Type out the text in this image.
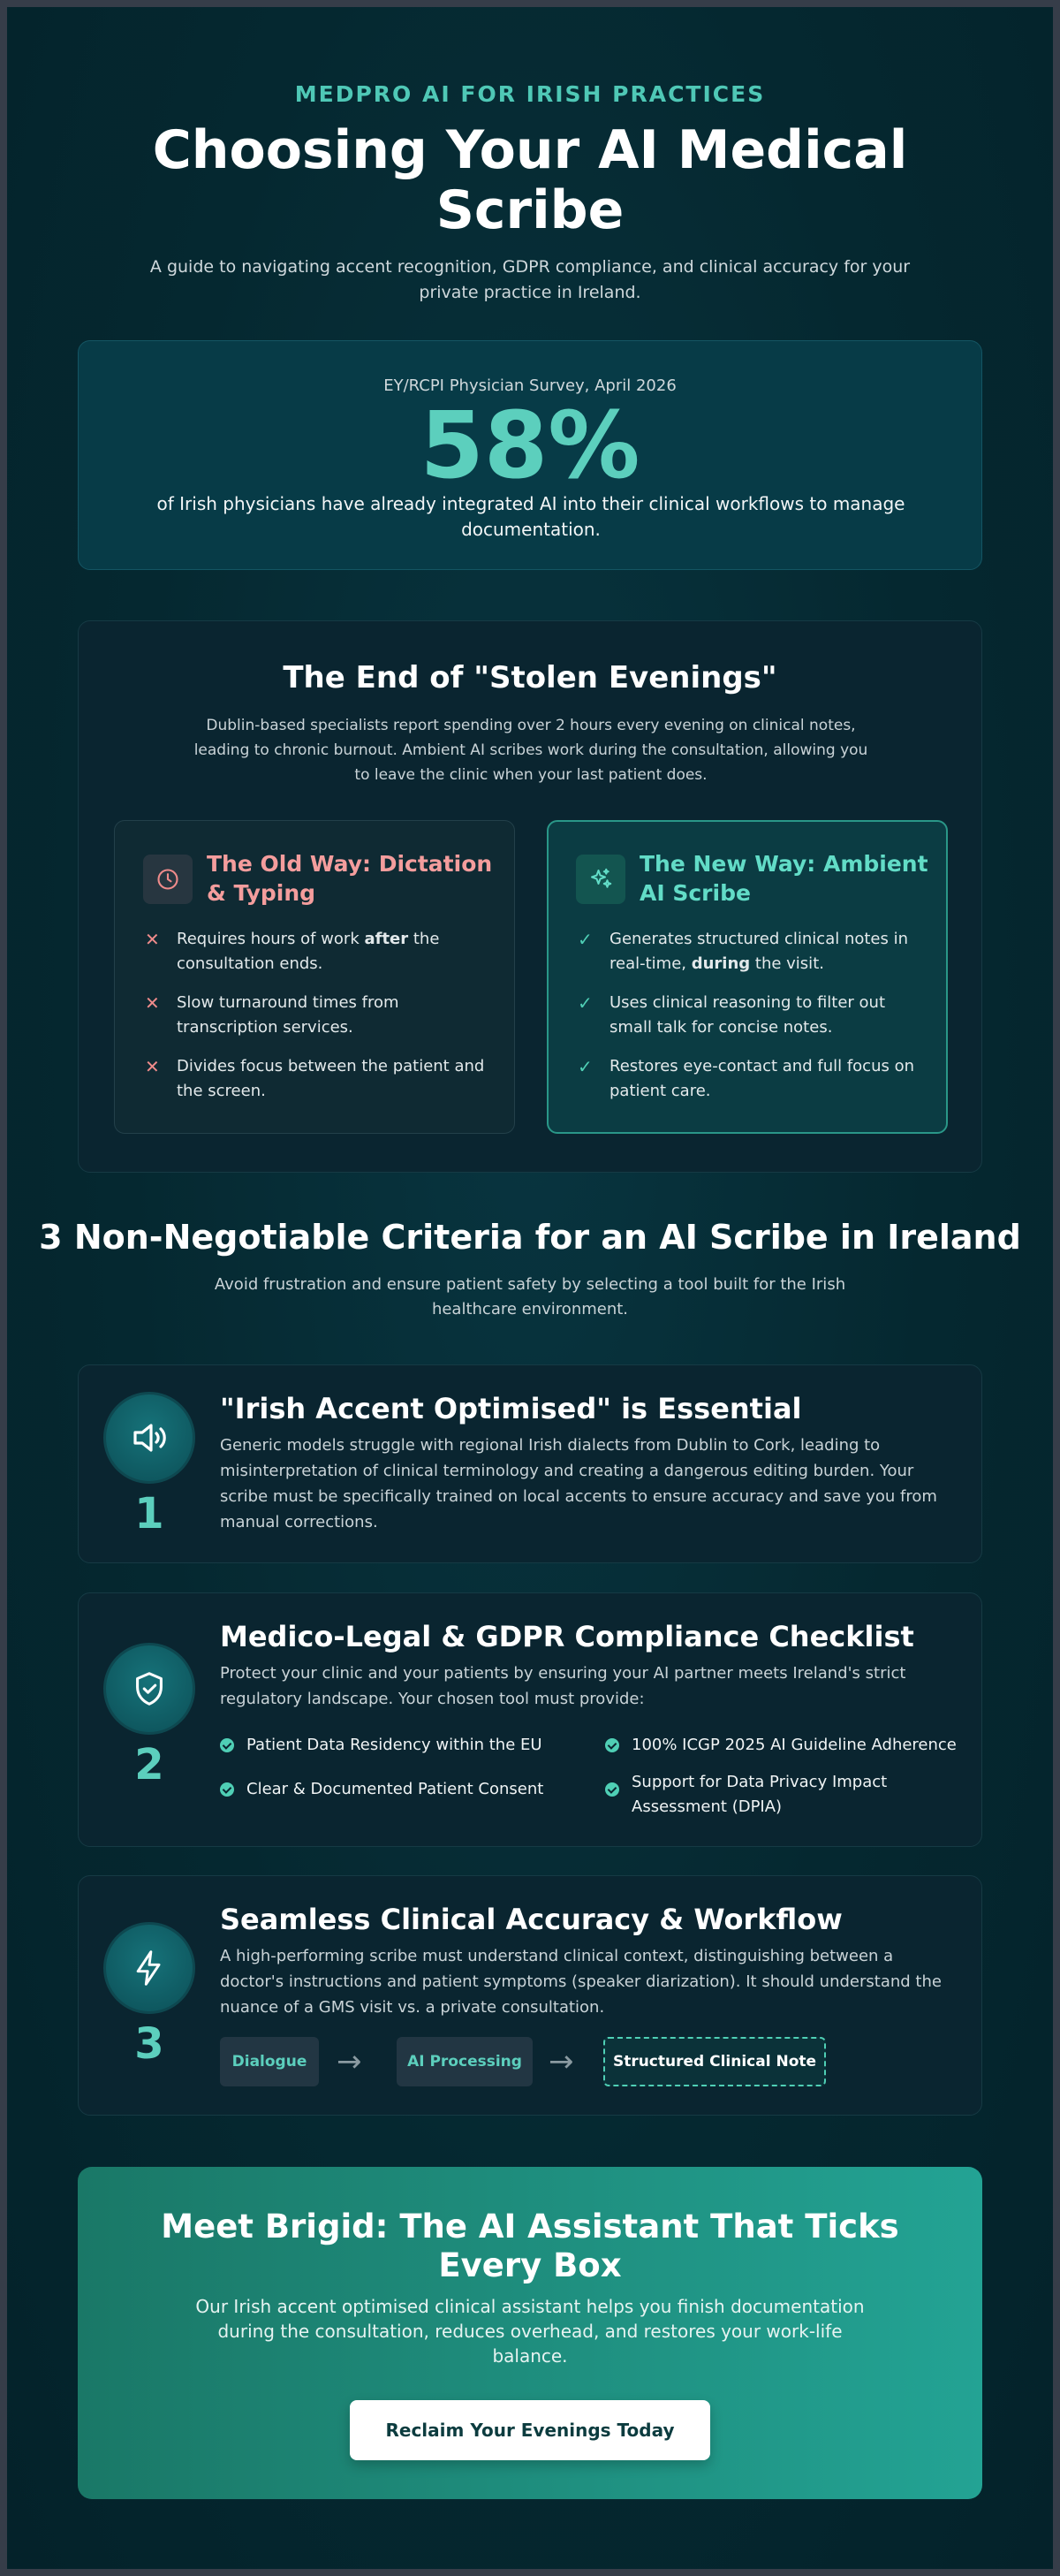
MEDPRO AI FOR IRISH PRACTICES
Choosing Your AI Medical Scribe

A guide to navigating accent recognition, GDPR compliance, and clinical accuracy for your private practice in Ireland.

EY/RCPI Physician Survey, April 2026
58%
of Irish physicians have already integrated AI into their clinical workflows to manage documentation.
The End of "Stolen Evenings"

Dublin-based specialists report spending over 2 hours every evening on clinical notes, leading to chronic burnout. Ambient AI scribes work during the consultation, allowing you to leave the clinic when your last patient does.

The Old Way: Dictation & Typing
✕ Requires hours of work after the consultation ends.
✕ Slow turnaround times from transcription services.
✕ Divides focus between the patient and the screen.
The New Way: Ambient AI Scribe
✓ Generates structured clinical notes in real-time, during the visit.
✓ Uses clinical reasoning to filter out small talk for concise notes.
✓ Restores eye-contact and full focus on patient care.
3 Non-Negotiable Criteria for an AI Scribe in Ireland

Avoid frustration and ensure patient safety by selecting a tool built for the Irish healthcare environment.

1
"Irish Accent Optimised" is Essential
Generic models struggle with regional Irish dialects from Dublin to Cork, leading to misinterpretation of clinical terminology and creating a dangerous editing burden. Your scribe must be specifically trained on local accents to ensure accuracy and save you from manual corrections.
2
Medico-Legal & GDPR Compliance Checklist
Protect your clinic and your patients by ensuring your AI partner meets Ireland's strict regulatory landscape. Your chosen tool must provide:
Patient Data Residency within the EU	100% ICGP 2025 AI Guideline Adherence
Clear & Documented Patient Consent	Support for Data Privacy Impact Assessment (DPIA)
3
Seamless Clinical Accuracy & Workflow
A high-performing scribe must understand clinical context, distinguishing between a doctor's instructions and patient symptoms (speaker diarization). It should understand the nuance of a GMS visit vs. a private consultation.
Dialogue →	AI Processing →	Structured Clinical Note
Meet Brigid: The AI Assistant That Ticks Every Box

Our Irish accent optimised clinical assistant helps you finish documentation during the consultation, reduces overhead, and restores your work-life balance.

Reclaim Your Evenings Today
